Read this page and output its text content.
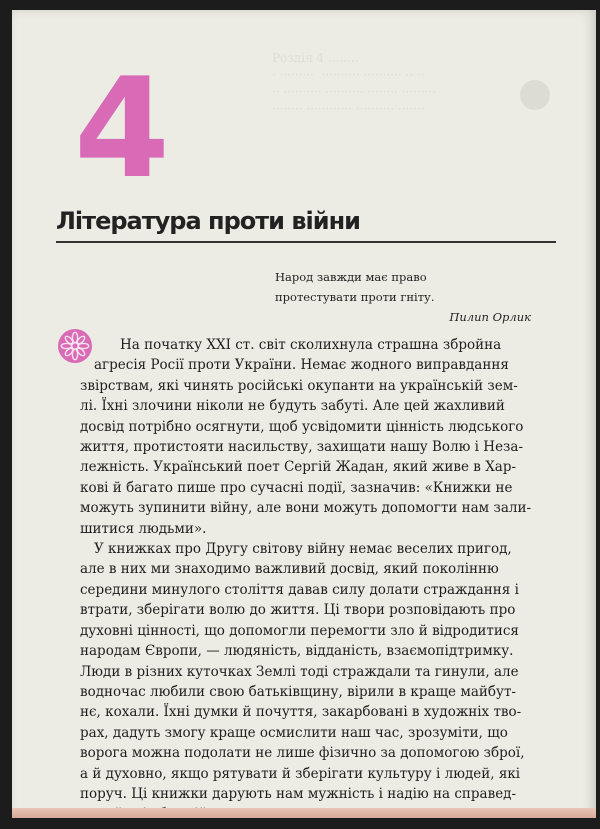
Розділ 4 ........
· ·········  ·········· ·········· ·· ··
·· ·········· ·········· ········ ·········
········ ············ ·········· ·······

4
Література проти війни
Народ завжди має право
протестувати проти гніту.
Пилип Орлик
На початку XXI ст. світ сколихнула страшна збройна
агресія Росії проти України. Немає жодного виправдання
звірствам, які чинять російські окупанти на українській зем-
лі. Їхні злочини ніколи не будуть забуті. Але цей жахливий
досвід потрібно осягнути, щоб усвідомити цінність людського
життя, протистояти насильству, захищати нашу Волю і Неза-
лежність. Український поет Сергій Жадан, який живе в Хар-
кові й багато пише про сучасні події, зазначив: «Книжки не
можуть зупинити війну, але вони можуть допомогти нам зали-
шитися людьми».
У книжках про Другу світову війну немає веселих пригод,
але в них ми знаходимо важливий досвід, який поколінню
середини минулого століття давав силу долати страждання і
втрати, зберігати волю до життя. Ці твори розповідають про
духовні цінності, що допомогли перемогти зло й відродитися
народам Європи, — людяність, відданість, взаємопідтримку.
Люди в різних куточках Землі тоді страждали та гинули, але
водночас любили свою батьківщину, вірили в краще майбут-
нє, кохали. Їхні думки й почуття, закарбовані в художніх тво-
рах, дадуть змогу краще осмислити наш час, зрозуміти, що
ворога можна подолати не лише фізично за допомогою зброї,
а й духовно, якщо рятувати й зберігати культуру і людей, які
поруч. Ці книжки дарують нам мужність і надію на справед-
